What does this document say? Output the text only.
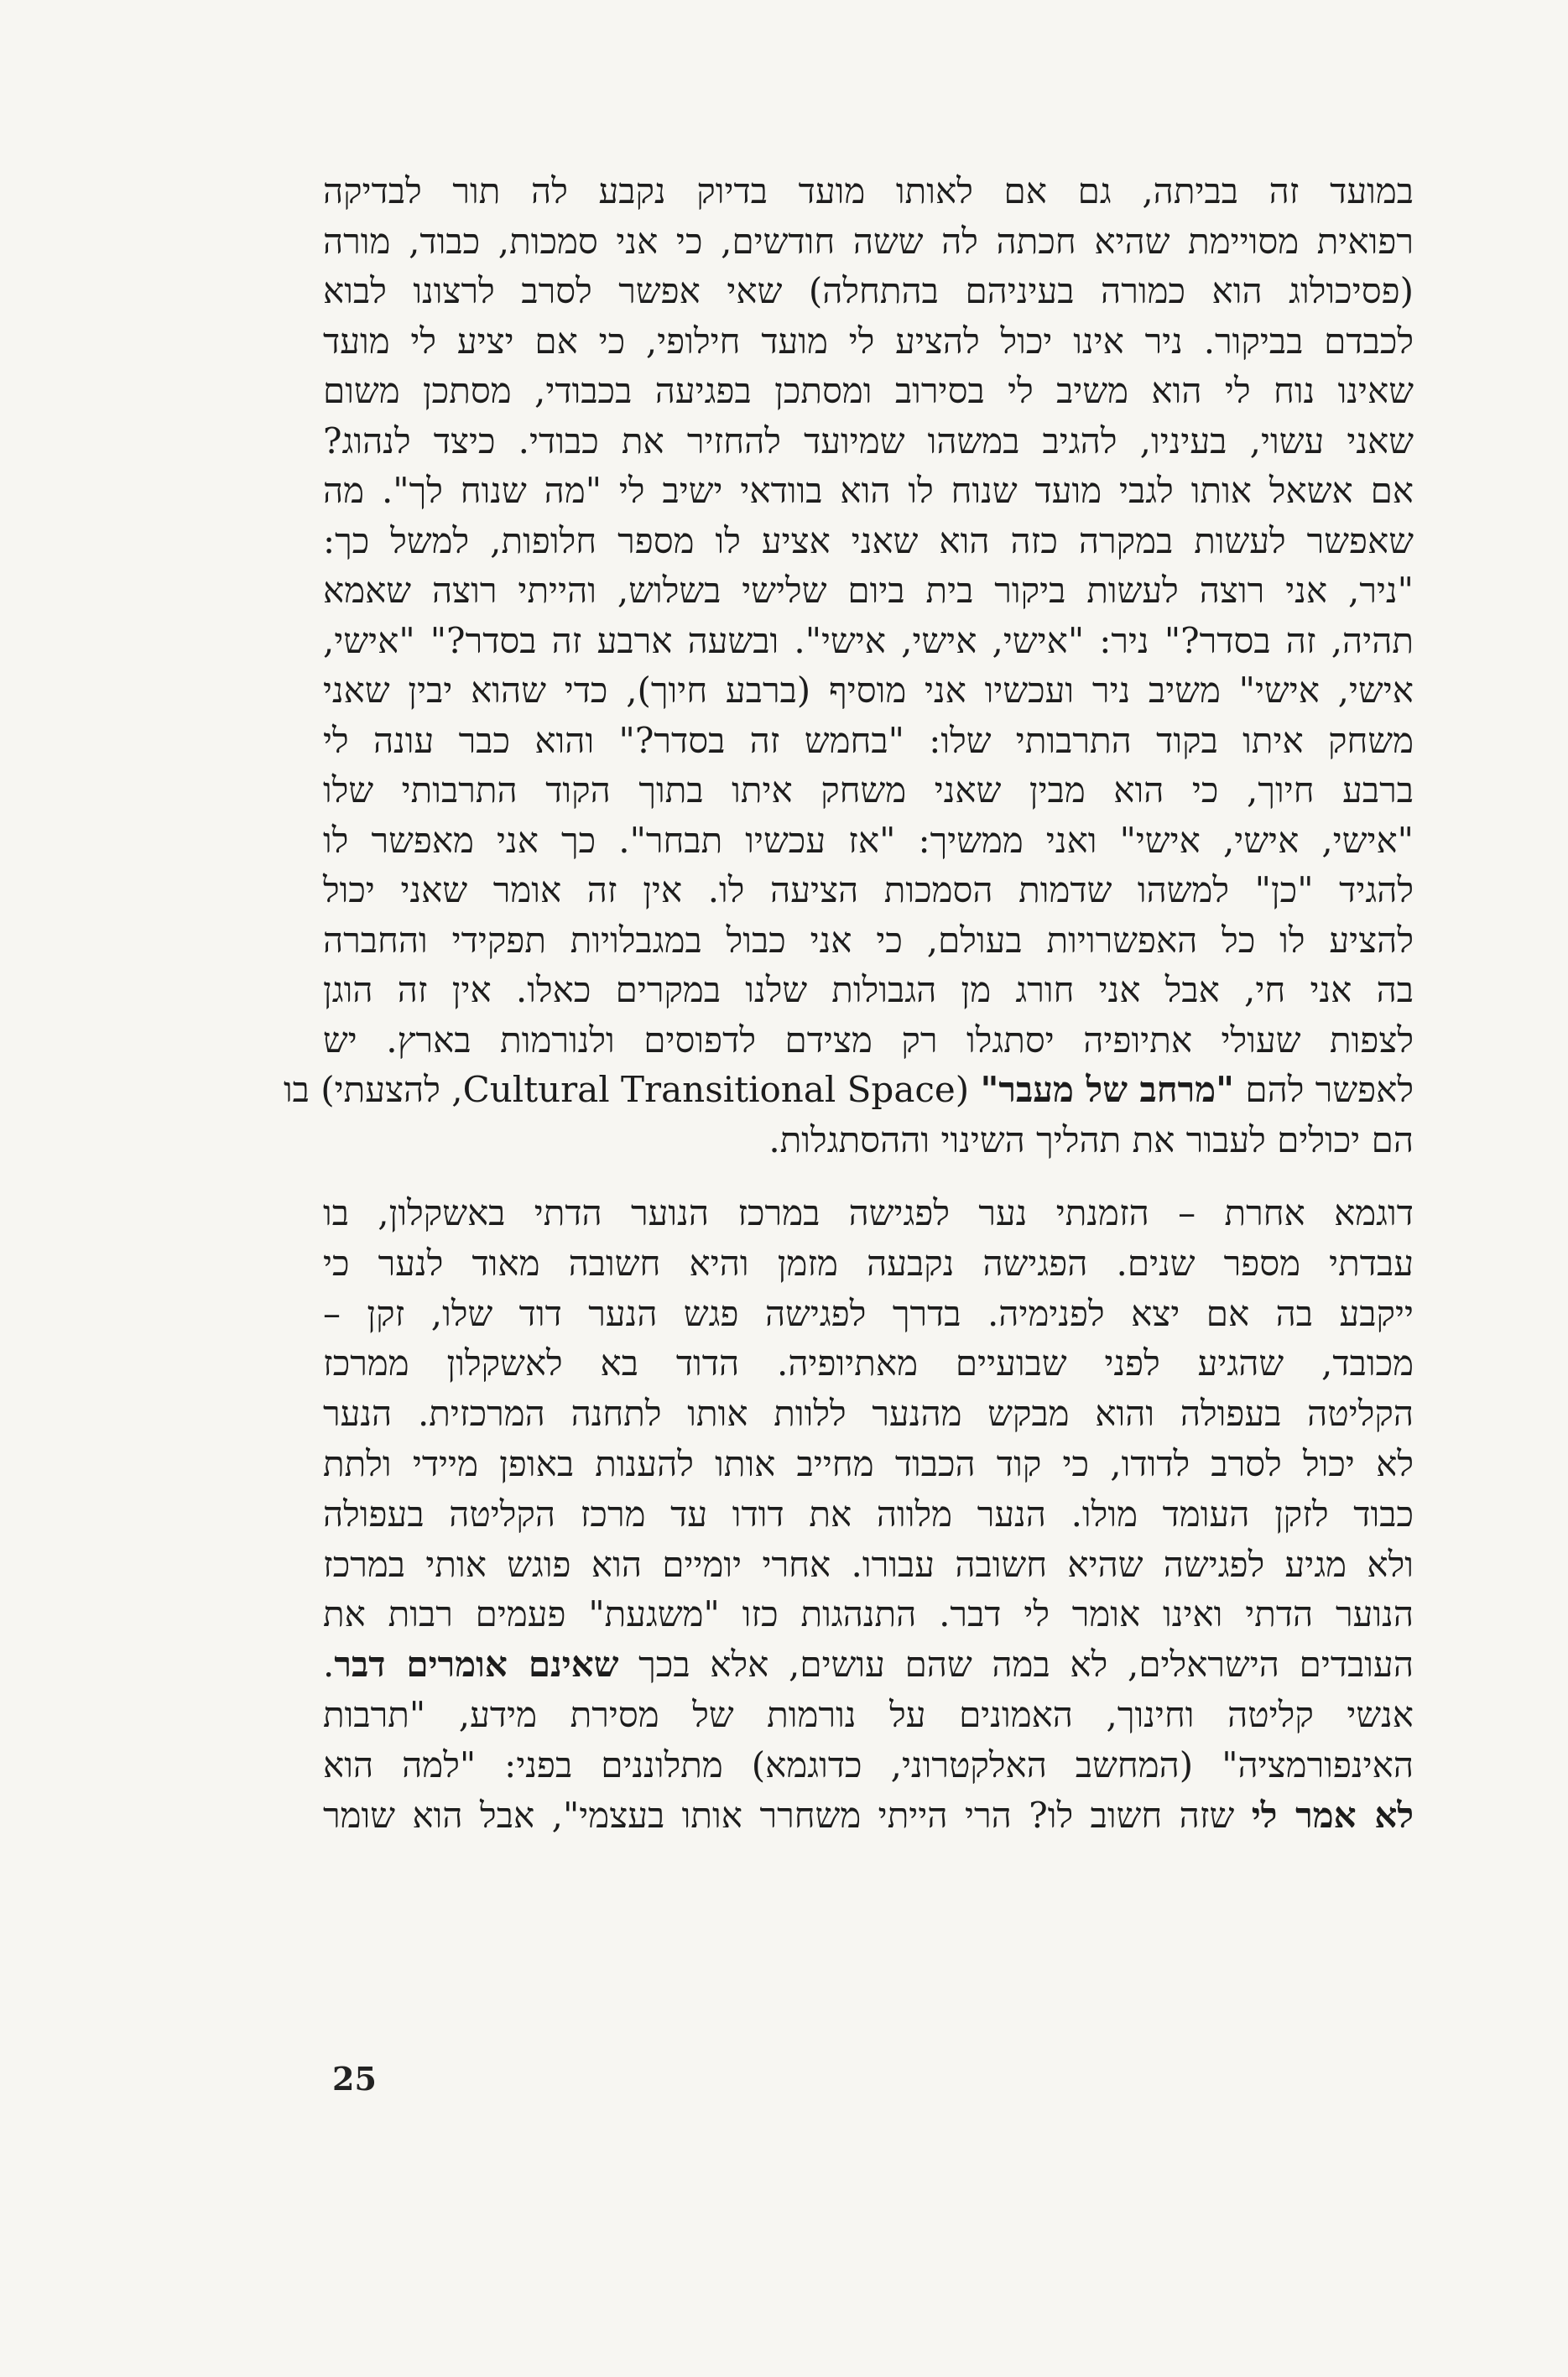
במועד זה בביתה, גם אם לאותו מועד בדיוק נקבע לה תור לבדיקה
רפואית מסויימת שהיא חכתה לה ששה חודשים, כי אני סמכות, כבוד, מורה
(פסיכולוג הוא כמורה בעיניהם בהתחלה) שאי אפשר לסרב לרצונו לבוא
לכבדם בביקור. ניר אינו יכול להציע לי מועד חילופי, כי אם יציע לי מועד
שאינו נוח לי הוא משיב לי בסירוב ומסתכן בפגיעה בכבודי, מסתכן משום
שאני עשוי, בעיניו, להגיב במשהו שמיועד להחזיר את כבודי. כיצד לנהוג?
אם אשאל אותו לגבי מועד שנוח לו הוא בוודאי ישיב לי "מה שנוח לך". מה
שאפשר לעשות במקרה כזה הוא שאני אציע לו מספר חלופות, למשל כך:
"ניר, אני רוצה לעשות ביקור בית ביום שלישי בשלוש, והייתי רוצה שאמא
תהיה, זה בסדר?" ניר: "אישי, אישי, אישי". ובשעה ארבע זה בסדר?" "אישי,
אישי, אישי" משיב ניר ועכשיו אני מוסיף (ברבע חיוך), כדי שהוא יבין שאני
משחק איתו בקוד התרבותי שלו: "בחמש זה בסדר?" והוא כבר עונה לי
ברבע חיוך, כי הוא מבין שאני משחק איתו בתוך הקוד התרבותי שלו
"אישי, אישי, אישי" ואני ממשיך: "אז עכשיו תבחר". כך אני מאפשר לו
להגיד "כן" למשהו שדמות הסמכות הציעה לו. אין זה אומר שאני יכול
להציע לו כל האפשרויות בעולם, כי אני כבול במגבלויות תפקידי והחברה
בה אני חי, אבל אני חורג מן הגבולות שלנו במקרים כאלו. אין זה הוגן
לצפות שעולי אתיופיה יסתגלו רק מצידם לדפוסים ולנורמות בארץ. יש
לאפשר להם "מרחב של מעבר" (Cultural Transitional Space, להצעתי) בו
הם יכולים לעבור את תהליך השינוי וההסתגלות.

דוגמא אחרת – הזמנתי נער לפגישה במרכז הנוער הדתי באשקלון, בו
עבדתי מספר שנים. הפגישה נקבעה מזמן והיא חשובה מאוד לנער כי
ייקבע בה אם יצא לפנימיה. בדרך לפגישה פגש הנער דוד שלו, זקן –
מכובד, שהגיע לפני שבועיים מאתיופיה. הדוד בא לאשקלון ממרכז
הקליטה בעפולה והוא מבקש מהנער ללוות אותו לתחנה המרכזית. הנער
לא יכול לסרב לדודו, כי קוד הכבוד מחייב אותו להענות באופן מיידי ולתת
כבוד לזקן העומד מולו. הנער מלווה את דודו עד מרכז הקליטה בעפולה
ולא מגיע לפגישה שהיא חשובה עבורו. אחרי יומיים הוא פוגש אותי במרכז
הנוער הדתי ואינו אומר לי דבר. התנהגות כזו "משגעת" פעמים רבות את
העובדים הישראלים, לא במה שהם עושים, אלא בכך שאינם אומרים דבר.
אנשי קליטה וחינוך, האמונים על נורמות של מסירת מידע, "תרבות
האינפורמציה" (המחשב האלקטרוני, כדוגמא) מתלוננים בפני: "למה הוא
לא אמר לי שזה חשוב לו? הרי הייתי משחרר אותו בעצמי", אבל הוא שומר

25
